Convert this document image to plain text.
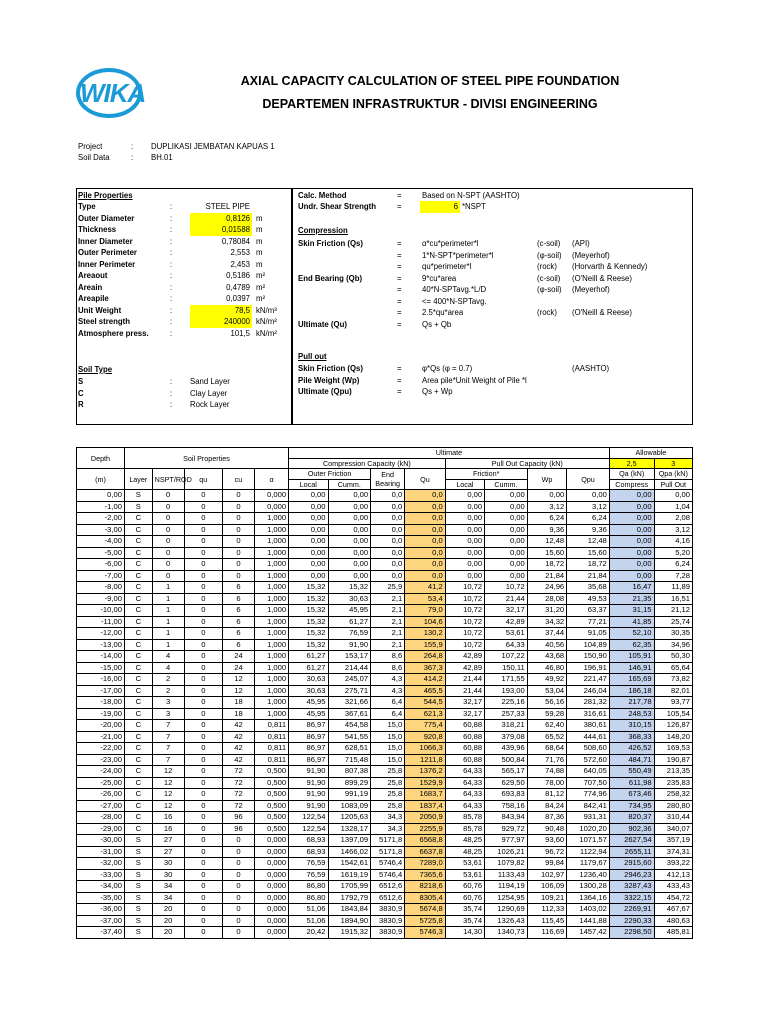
WIKA	AXIAL CAPACITY CALCULATION OF STEEL PIPE FOUNDATION
DEPARTEMEN INFRASTRUKTUR - DIVISI ENGINEERING
Project	: DUPLIKASI JEMBATAN KAPUAS 1
Soil Data	: BH.01
Pile Properties
Type	:	STEEL PIPE
Outer Diameter	:	0,8126 m
Thickness	:	0,01588 m
Inner Diameter	:	0,78084 m
Outer Perimeter	:	2,553 m
Inner Perimeter	:	2,453 m
Areaout	:	0,5186 m²
Areain	:	0,4789 m²
Areapile	:	0,0397 m²
Unit Weight	:	78,5 kN/m³
Steel strength	:	240000 kN/m²
Atmosphere press.	:	101,5 kN/m²
Soil Type
S	: Sand Layer
C	: Clay Layer
R	: Rock Layer
Calc. Method	=	Based on N-SPT (AASHTO)
Undr. Shear Strength	=	6 *NSPT
Compression
Skin Friction (Qs)	=	α*cu*perimeter*l	(c-soil) (API)
=	1*N-SPT*perimeter*l	(φ-soil) (Meyerhof)
=	qu*perimeter*l	(rock) (Horvarth & Kennedy)
End Bearing (Qb)	=	9*cu*area	(c-soil) (O'Neill & Reese)
=	40*N-SPTavg.*L/D	(φ-soil) (Meyerhof)
=	<= 400*N-SPTavg.
=	2.5*qu*area	(rock) (O'Neill & Reese)
Ultimate (Qu)	=	Qs + Qb
Pull out
Skin Friction (Qs)	=	φ*Qs (φ = 0.7)	(AASHTO)
Pile Weight (Wp)	=	Area pile*Unit Weight of Pile *l
Ultimate (Qpu)	=	Qs + Wp
Depth	Soil Properties					Ultimate								Allowable	
						Compression Capacity (kN)				Pull Out Capacity (kN)				2,5	3
(m)	Layer	NSPT/RQD	qu	cu	α	Outer Friction		End Bearing	Qu	Friction*		Wp	Qpu	Qa (kN)	Qpa (kN)
						Local	Cumm.			Local	Cumm.			Compress	Pull Out
0,00	S	0	0	0	0,000	0,00	0,00	0,0	0,0	0,00	0,00	0,00	0,00	0,00	0,00
-1,00	S	0	0	0	0,000	0,00	0,00	0,0	0,0	0,00	0,00	3,12	3,12	0,00	1,04
-2,00	C	0	0	0	1,000	0,00	0,00	0,0	0,0	0,00	0,00	6,24	6,24	0,00	2,08
-3,00	C	0	0	0	1,000	0,00	0,00	0,0	0,0	0,00	0,00	9,36	9,36	0,00	3,12
-4,00	C	0	0	0	1,000	0,00	0,00	0,0	0,0	0,00	0,00	12,48	12,48	0,00	4,16
-5,00	C	0	0	0	1,000	0,00	0,00	0,0	0,0	0,00	0,00	15,60	15,60	0,00	5,20
-6,00	C	0	0	0	1,000	0,00	0,00	0,0	0,0	0,00	0,00	18,72	18,72	0,00	6,24
-7,00	C	0	0	0	1,000	0,00	0,00	0,0	0,0	0,00	0,00	21,84	21,84	0,00	7,28
-8,00	C	1	0	6	1,000	15,32	15,32	25,9	41,2	10,72	10,72	24,96	35,68	16,47	11,89
-9,00	C	1	0	6	1,000	15,32	30,63	2,1	53,4	10,72	21,44	28,08	49,53	21,35	16,51
-10,00	C	1	0	6	1,000	15,32	45,95	2,1	79,0	10,72	32,17	31,20	63,37	31,15	21,12
-11,00	C	1	0	6	1,000	15,32	61,27	2,1	104,6	10,72	42,89	34,32	77,21	41,85	25,74
-12,00	C	1	0	6	1,000	15,32	76,59	2,1	130,2	10,72	53,61	37,44	91,05	52,10	30,35
-13,00	C	1	0	6	1,000	15,32	91,90	2,1	155,9	10,72	64,33	40,56	104,89	62,35	34,96
-14,00	C	4	0	24	1,000	61,27	153,17	8,6	264,8	42,89	107,22	43,68	150,90	105,91	50,30
-15,00	C	4	0	24	1,000	61,27	214,44	8,6	367,3	42,89	150,11	46,80	196,91	146,91	65,64
-16,00	C	2	0	12	1,000	30,63	245,07	4,3	414,2	21,44	171,55	49,92	221,47	165,69	73,82
-17,00	C	2	0	12	1,000	30,63	275,71	4,3	465,5	21,44	193,00	53,04	246,04	186,18	82,01
-18,00	C	3	0	18	1,000	45,95	321,66	6,4	544,5	32,17	225,16	56,16	281,32	217,78	93,77
-19,00	C	3	0	18	1,000	45,95	367,61	6,4	621,3	32,17	257,33	59,28	316,61	248,53	105,54
-20,00	C	7	0	42	0,811	86,97	454,58	15,0	775,4	60,88	318,21	62,40	380,61	310,15	126,87
-21,00	C	7	0	42	0,811	86,97	541,55	15,0	920,8	60,88	379,08	65,52	444,61	368,33	148,20
-22,00	C	7	0	42	0,811	86,97	628,51	15,0	1066,3	60,88	439,96	68,64	508,60	426,52	169,53
-23,00	C	7	0	42	0,811	86,97	715,48	15,0	1211,8	60,88	500,84	71,76	572,60	484,71	190,87
-24,00	C	12	0	72	0,500	91,90	807,38	25,8	1376,2	64,33	565,17	74,88	640,05	550,49	213,35
-25,00	C	12	0	72	0,500	91,90	899,29	25,8	1529,9	64,33	629,50	78,00	707,50	611,98	235,83
-26,00	C	12	0	72	0,500	91,90	991,19	25,8	1683,7	64,33	693,83	81,12	774,96	673,46	258,32
-27,00	C	12	0	72	0,500	91,90	1083,09	25,8	1837,4	64,33	758,16	84,24	842,41	734,95	280,80
-28,00	C	16	0	96	0,500	122,54	1205,63	34,3	2050,9	85,78	843,94	87,36	931,31	820,37	310,44
-29,00	C	16	0	96	0,500	122,54	1328,17	34,3	2255,9	85,78	929,72	90,48	1020,20	902,36	340,07
-30,00	S	27	0	0	0,000	68,93	1397,09	5171,8	6568,8	48,25	977,97	93,60	1071,57	2627,54	357,19
-31,00	S	27	0	0	0,000	68,93	1466,02	5171,8	6637,8	48,25	1026,21	96,72	1122,94	2655,11	374,31
-32,00	S	30	0	0	0,000	76,59	1542,61	5746,4	7289,0	53,61	1079,82	99,84	1179,67	2915,60	393,22
-33,00	S	30	0	0	0,000	76,59	1619,19	5746,4	7365,6	53,61	1133,43	102,97	1236,40	2946,23	412,13
-34,00	S	34	0	0	0,000	86,80	1705,99	6512,6	8218,6	60,76	1194,19	106,09	1300,28	3287,43	433,43
-35,00	S	34	0	0	0,000	86,80	1792,79	6512,6	8305,4	60,76	1254,95	109,21	1364,16	3322,15	454,72
-36,00	S	20	0	0	0,000	51,06	1843,84	3830,9	5674,8	35,74	1290,69	112,33	1403,02	2269,91	467,67
-37,00	S	20	0	0	0,000	51,06	1894,90	3830,9	5725,8	35,74	1326,43	115,45	1441,88	2290,33	480,63
-37,40	S	20	0	0	0,000	20,42	1915,32	3830,9	5746,3	14,30	1340,73	116,69	1457,42	2298,50	485,81
